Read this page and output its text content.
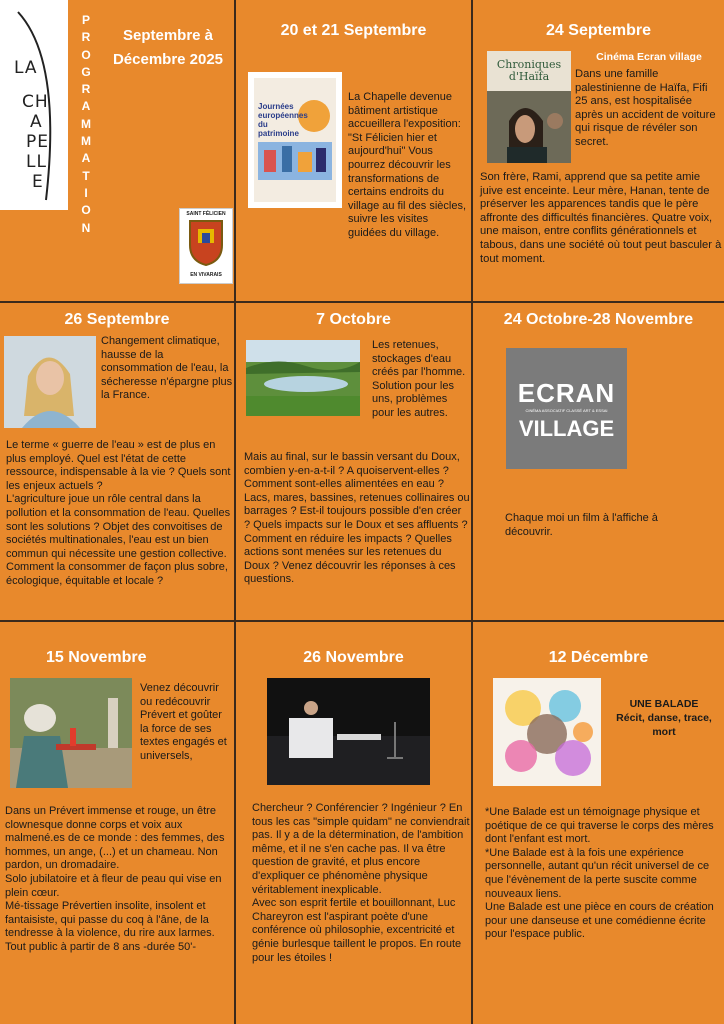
LA
CH
A
PE
LL
E
P
R
O
G
R
A
M
M
A
T
I
O
N
Septembre à Décembre 2025
SAINT FÉLICIEN
EN VIVARAIS
20 et 21 Septembre
Journées européennes du patrimoine
La Chapelle devenue bâtiment artistique accueillera l'exposition: "St Félicien hier et aujourd'hui" Vous pourrez découvrir les transformations de certains endroits du village au fil des siècles, suivre les visites guidées du village.
24 Septembre
Chroniques d'Haïfa
Cinéma Ecran village
Dans une famille palestinienne de Haïfa, Fifi 25 ans, est hospitalisée après un accident de voiture qui risque de révéler son secret.
Son frère, Rami, apprend que sa petite amie juive est enceinte. Leur mère, Hanan, tente de préserver les apparences tandis que le père affronte des difficultés financières. Quatre voix, une maison, entre conflits générationnels et tabous, dans une société où tout peut basculer à tout moment.
26 Septembre
Changement climatique, hausse de la consommation de l'eau, la sécheresse n'épargne plus la France.
Le terme « guerre de l'eau » est de plus en plus employé. Quel est l'état de cette ressource, indispensable à la vie ? Quels sont les enjeux actuels ?
L'agriculture joue un rôle central dans la pollution et la consommation de l'eau. Quelles sont les solutions ? Objet des convoitises de sociétés multinationales, l'eau est un bien commun qui nécessite une gestion collective. Comment la consommer de façon plus sobre, écologique, équitable et locale ?
7 Octobre
Les retenues, stockages d'eau créés par l'homme. Solution pour les uns, problèmes pour les autres.
Mais au final, sur le bassin versant du Doux, combien y-en-a-t-il ? A quoiservent-elles ? Comment sont-elles alimentées en eau ? Lacs, mares, bassines, retenues collinaires ou barrages ? Est-il toujours possible d'en créer ? Quels impacts sur le Doux et ses affluents ? Comment en réduire les impacts ? Quelles actions sont menées sur les retenues du Doux ? Venez découvrir les réponses à ces questions.
24 Octobre-28 Novembre
ECRAN
CINÉMA ASSOCIATIF CLASSÉ ART & ESSAI
VILLAGE
Chaque moi un film à l'affiche à découvrir.
15 Novembre
Venez découvrir ou redécouvrir Prévert et goûter la force de ses textes engagés et universels,
Dans un Prévert immense et rouge, un être clownesque donne corps et voix aux malmené.es de ce monde : des femmes, des hommes, un ange, (...) et un chameau. Non pardon, un dromadaire.
Solo jubilatoire et à fleur de peau qui vise en plein cœur.
Mé-tissage Prévertien insolite, insolent et fantaisiste, qui passe du coq à l'âne, de la tendresse à la violence, du rire aux larmes. Tout public à partir de 8 ans -durée 50'-
26 Novembre
Chercheur ? Conférencier ? Ingénieur ? En tous les cas "simple quidam" ne conviendrait pas. Il y a de la détermination, de l'ambition même, et il ne s'en cache pas. Il va être question de gravité, et plus encore d'expliquer ce phénomène physique véritablement inexplicable.
Avec son esprit fertile et bouillonnant, Luc Chareyron est l'aspirant poète d'une conférence où philosophie, excentricité et génie burlesque taillent le propos. En route pour les étoiles !
12 Décembre
UNE BALADE
Récit, danse, trace, mort
*Une Balade est un témoignage physique et poétique de ce qui traverse le corps des mères dont l'enfant est mort.
*Une Balade est à la fois une expérience personnelle, autant qu'un récit universel de ce que l'évènement de la perte suscite comme nouveaux liens.
Une Balade est une pièce en cours de création pour une danseuse et une comédienne écrite pour l'espace public.
